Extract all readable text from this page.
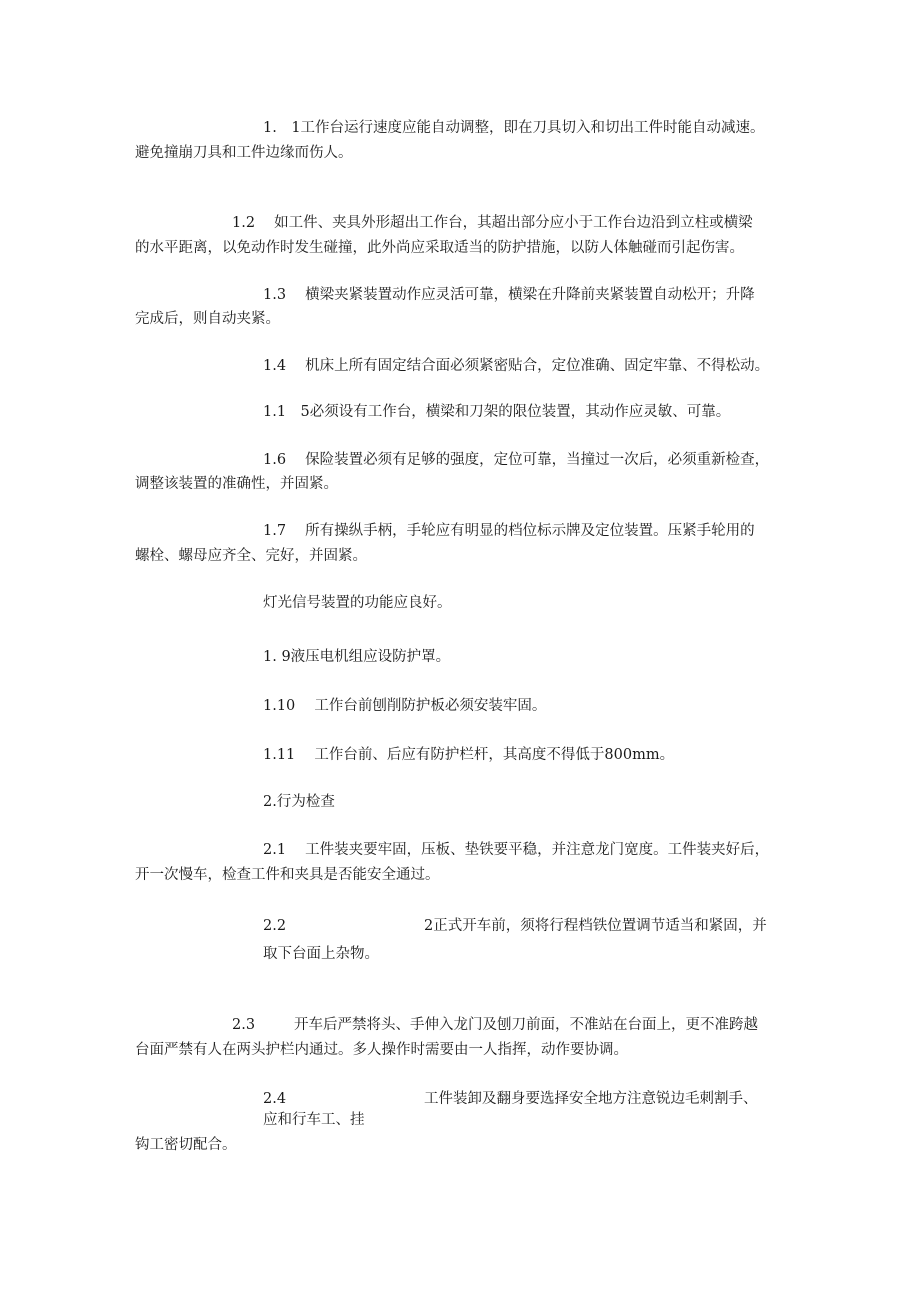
1.　1工作台运行速度应能自动调整，即在刀具切入和切出工件时能自动减速。

避免撞崩刀具和工件边缘而伤人。

1.2　 如工件、夹具外形超出工作台，其超出部分应小于工作台边沿到立柱或横梁

的水平距离，以免动作时发生碰撞，此外尚应采取适当的防护措施，以防人体触碰而引起伤害。

1.3　 横梁夹紧装置动作应灵活可靠，横梁在升降前夹紧装置自动松开；升降

完成后，则自动夹紧。

1.4　 机床上所有固定结合面必须紧密贴合，定位准确、固定牢靠、不得松动。

1.1　5必须设有工作台，横梁和刀架的限位装置，其动作应灵敏、可靠。

1.6　 保险装置必须有足够的强度，定位可靠，当撞过一次后，必须重新检查，

调整该装置的准确性，并固紧。

1.7　 所有操纵手柄，手轮应有明显的档位标示牌及定位装置。压紧手轮用的

螺栓、螺母应齐全、完好，并固紧。

灯光信号装置的功能应良好。

1. 9液压电机组应设防护罩。

1.10　 工作台前刨削防护板必须安装牢固。

1.11　 工作台前、后应有防护栏杆，其高度不得低于800mm。

2.行为检查

2.1　 工件装夹要牢固，压板、垫铁要平稳，并注意龙门宽度。工件装夹好后，

开一次慢车，检查工件和夹具是否能安全通过。

2.2	2正式开车前，须将行程档铁位置调节适当和紧固，并

取下台面上杂物。

2.3	开车后严禁将头、手伸入龙门及刨刀前面，不准站在台面上，更不准跨越

台面严禁有人在两头护栏内通过。多人操作时需要由一人指挥，动作要协调。

2.4	工件装卸及翻身要选择安全地方注意锐边毛刺割手、

应和行车工、挂

钩工密切配合。
